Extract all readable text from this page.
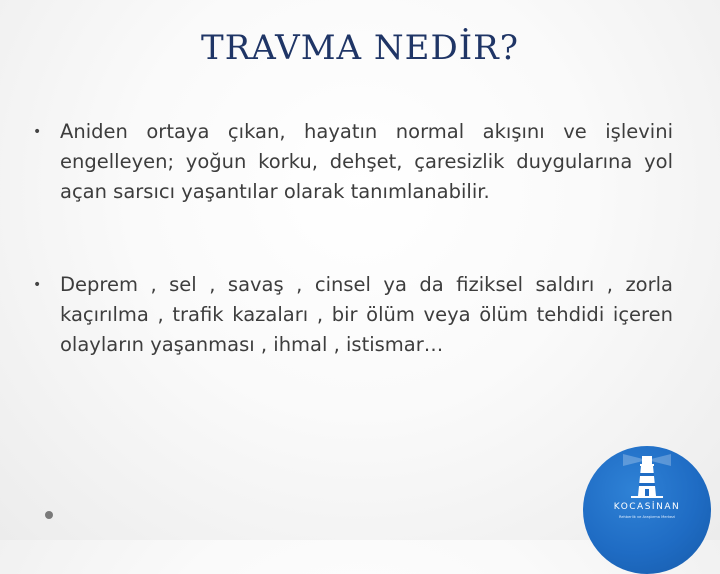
TRAVMA NEDİR?
• Aniden ortaya çıkan, hayatın normal akışını ve işlevini engelleyen; yoğun korku, dehşet, çaresizlik duygularına yol açan sarsıcı yaşantılar olarak tanımlanabilir.
• Deprem , sel , savaş , cinsel ya da fiziksel saldırı , zorla kaçırılma , trafik kazaları , bir ölüm veya ölüm tehdidi içeren olayların yaşanması , ihmal , istismar…
KOCASİNAN
Rehberlik ve Araştırma Merkezi
